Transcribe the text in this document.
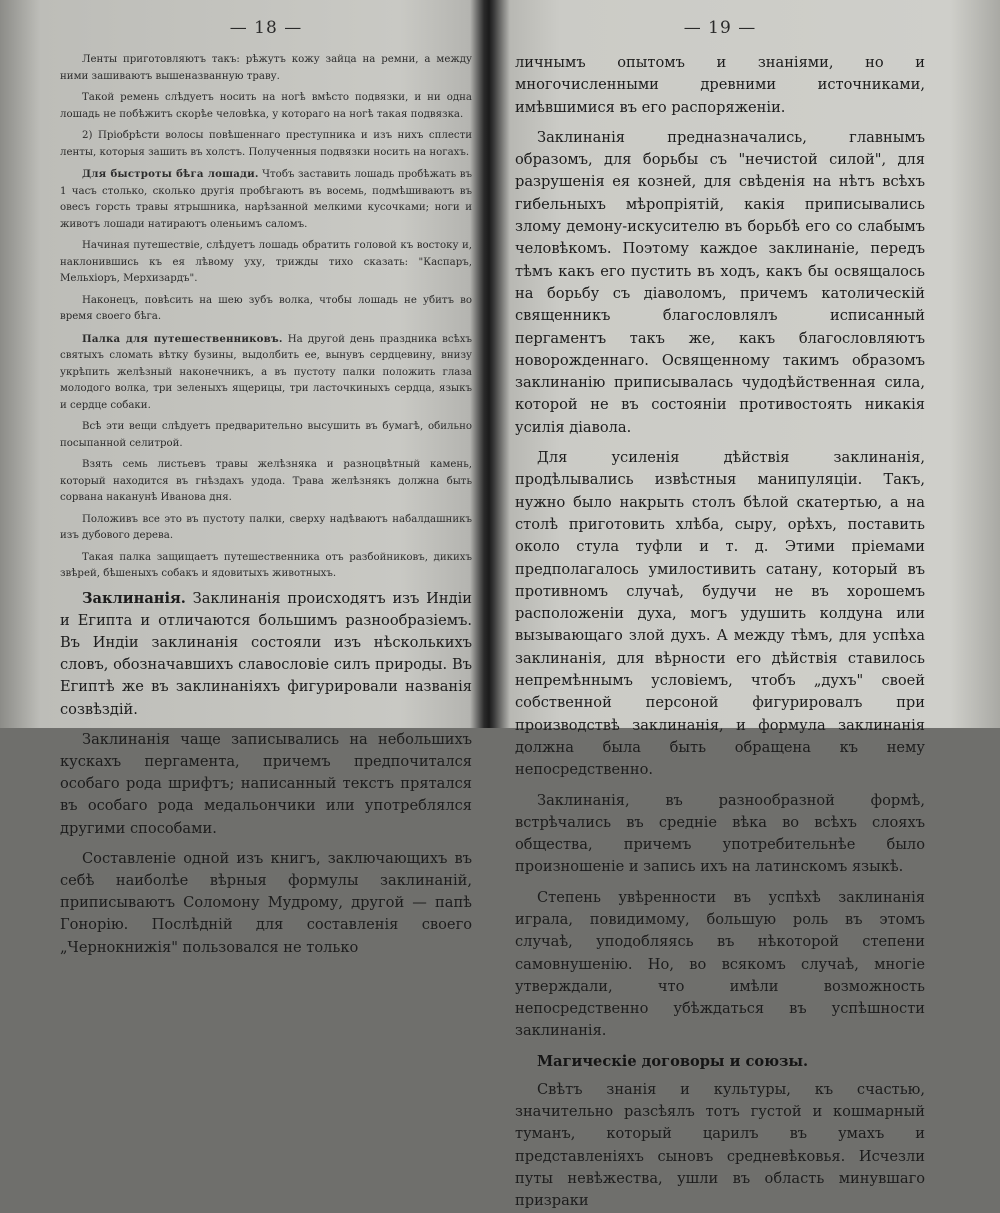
— 18 —

Ленты приготовляютъ такъ: рѣжутъ кожу зайца на ремни, а между ними зашиваютъ вышеназванную траву.

Такой ремень слѣдуетъ носить на ногѣ вмѣсто подвязки, и ни одна лошадь не побѣжитъ скорѣе человѣка, у котораго на ногѣ такая подвязка.

2) Пріобрѣсти волосы повѣшеннаго преступника и изъ нихъ сплести ленты, которыя зашить въ холстъ. Полученныя подвязки носить на ногахъ.

Для быстроты бѣга лошади. Чтобъ заставить лошадь пробѣжать въ 1 часъ столько, сколько другія пробѣгаютъ въ восемь, подмѣшиваютъ въ овесъ горсть травы ятрышника, нарѣзанной мелкими кусочками; ноги и животъ лошади натираютъ оленьимъ саломъ.

Начиная путешествіе, слѣдуетъ лошадь обратить головой къ востоку и, наклонившись къ ея лѣвому уху, трижды тихо сказать: "Каспаръ, Мельхіоръ, Мерхизардъ".

Наконецъ, повѣсить на шею зубъ волка, чтобы лошадь не убитъ во время своего бѣга.

Палка для путешественниковъ. На другой день праздника всѣхъ святыхъ сломать вѣтку бузины, выдолбить ее, вынувъ сердцевину, внизу укрѣпить желѣзный наконечникъ, а въ пустоту палки положить глаза молодого волка, три зеленыхъ ящерицы, три ласточкиныхъ сердца, языкъ и сердце собаки.

Всѣ эти вещи слѣдуетъ предварительно высушить въ бумагѣ, обильно посыпанной селитрой.

Взять семь листьевъ травы желѣзняка и разноцвѣтный камень, который находится въ гнѣздахъ удода. Трава желѣзнякъ должна быть сорвана наканунѣ Иванова дня.

Положивъ все это въ пустоту палки, сверху надѣваютъ набалдашникъ изъ дубового дерева.

Такая палка защищаетъ путешественника отъ разбойниковъ, дикихъ звѣрей, бѣшеныхъ собакъ и ядовитыхъ животныхъ.

Заклинанія. Заклинанія происходятъ изъ Индіи и Египта и отличаются большимъ разнообразіемъ. Въ Индіи заклинанія состояли изъ нѣсколькихъ словъ, обозначавшихъ славословіе силъ природы. Въ Египтѣ же въ заклинаніяхъ фигурировали названія созвѣздій.

Заклинанія чаще записывались на небольшихъ кускахъ пергамента, причемъ предпочитался особаго рода шрифтъ; написанный текстъ прятался въ особаго рода медальончики или употреблялся другими способами.

Составленіе одной изъ книгъ, заключающихъ въ себѣ наиболѣе вѣрныя формулы заклинаній, приписываютъ Соломону Мудрому, другой — папѣ Гонорію. Послѣдній для составленія своего „Чернокнижія" пользовался не только

— 19 —

личнымъ опытомъ и знаніями, но и многочисленными древними источниками, имѣвшимися въ его распоряженіи.

Заклинанія предназначались, главнымъ образомъ, для борьбы съ "нечистой силой", для разрушенія ея козней, для свѣденія на нѣтъ всѣхъ гибельныхъ мѣропріятій, какія приписывались злому демону-искусителю въ борьбѣ его со слабымъ человѣкомъ. Поэтому каждое заклинаніе, передъ тѣмъ какъ его пустить въ ходъ, какъ бы освящалось на борьбу съ діаволомъ, причемъ католическій священникъ благословлялъ исписанный пергаментъ такъ же, какъ благословляютъ новорожденнаго. Освященному такимъ образомъ заклинанію приписывалась чудодѣйственная сила, которой не въ состояніи противостоять никакія усилія діавола.

Для усиленія дѣйствія заклинанія, продѣлывались извѣстныя манипуляціи. Такъ, нужно было накрыть столъ бѣлой скатертью, а на столѣ приготовить хлѣба, сыру, орѣхъ, поставить около стула туфли и т. д. Этими пріемами предполагалось умилостивить сатану, который въ противномъ случаѣ, будучи не въ хорошемъ расположеніи духа, могъ удушить колдуна или вызывающаго злой духъ. А между тѣмъ, для успѣха заклинанія, для вѣрности его дѣйствія ставилось непремѣннымъ условіемъ, чтобъ „духъ" своей собственной персоной фигурировалъ при производствѣ заклинанія, и формула заклинанія должна была быть обращена къ нему непосредственно.

Заклинанія, въ разнообразной формѣ, встрѣчались въ средніе вѣка во всѣхъ слояхъ общества, причемъ употребительнѣе было произношеніе и запись ихъ на латинскомъ языкѣ.

Степень увѣренности въ успѣхѣ заклинанія играла, повидимому, большую роль въ этомъ случаѣ, уподобляясь въ нѣкоторой степени самовнушенію. Но, во всякомъ случаѣ, многіе утверждали, что имѣли возможность непосредственно убѣждаться въ успѣшности заклинанія.

Магическіе договоры и союзы.

Свѣтъ знанія и культуры, къ счастью, значительно разсѣялъ тотъ густой и кошмарный туманъ, который царилъ въ умахъ и представленіяхъ сыновъ средневѣковья. Исчезли путы невѣжества, ушли въ область минувшаго призраки
